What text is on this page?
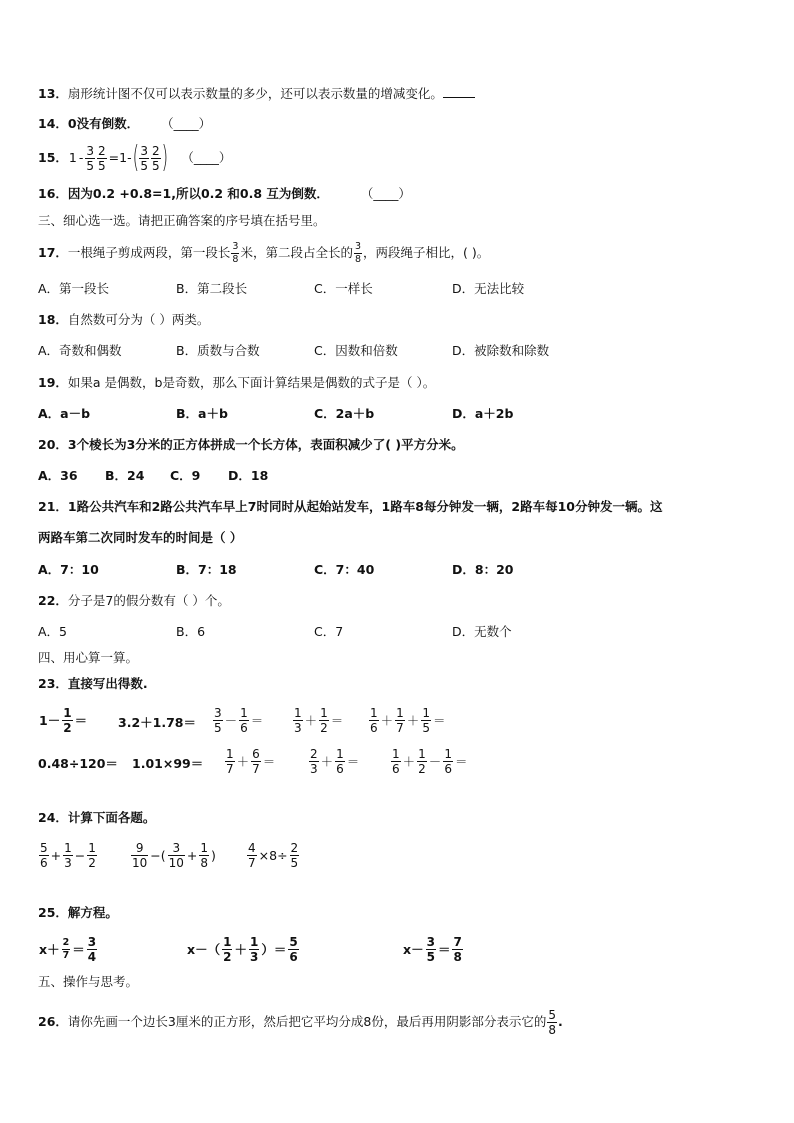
13．扇形统计图不仅可以表示数量的多少，还可以表示数量的增减变化。
14．0没有倒数． （____）
15． $1 - \frac{3}{5} \frac{2}{5} =1-$ ( $\frac{3}{5} \frac{2}{5}$ ) （____）
16．因为0.2 +0.8=1,所以0.2 和0.8 互为倒数．	（____）
三、细心选一选。请把正确答案的序号填在括号里。
17． 一根绳子剪成两段，第一段长 $\frac{3}{8}$ 米，第二段占全长的 $\frac{3}{8}$ ，两段绳子相比，( )。
A．第一段长	B．第二段长	C．一样长	D．无法比较
18．自然数可分为（ ）两类。
A．奇数和偶数	B．质数与合数	C．因数和倍数	D．被除数和除数
19．如果a 是偶数，b是奇数，那么下面计算结果是偶数的式子是（ ）。
A．a－b	B．a＋b	C．2a＋b	D．a＋2b
20．3个棱长为3分米的正方体拼成一个长方体，表面积减少了( )平方分米。
A．36 B．24 C．9 D．18
21．1路公共汽车和2路公共汽车早上7时同时从起始站发车，1路车8每分钟发一辆，2路车每10分钟发一辆。这
两路车第二次同时发车的时间是（ ）
A．7：10	B．7：18	C．7：40	D．8：20
22．分子是7的假分数有（ ）个。
A．5	B．6	C．7	D．无数个
四、用心算一算。
23．直接写出得数.
$1- \frac{1}{2} = 3.2+1.78= \frac{3}{5} - \frac{1}{6} = \frac{1}{3} + \frac{1}{2} = \frac{1}{6} + \frac{1}{7} + \frac{1}{5}$ ＝
$0.48\div 120= 1.01\times 99= \frac{1}{7} + \frac{6}{7}$ ＝	$\frac{2}{3} + \frac{1}{6}$ ＝	$\frac{1}{6} + \frac{1}{2} - \frac{1}{6}$ ＝
24．计算下面各题。
$\frac{5}{6} + \frac{1}{3} - \frac{1}{2}$	$\frac{9}{10}$ −( $\frac{3}{10} + \frac{1}{8}$ )	$\frac{4}{7} \times 8\div \frac{2}{5}$
25．解方程。
$x+ \frac{2}{7} = \frac{3}{4}$	$x-( \frac{1}{2} + \frac{1}{3}$ ）＝ $\frac{5}{6}$	$x- \frac{3}{5} = \frac{7}{8}$
五、操作与思考。
26． 请你先画一个边长3厘米的正方形，然后把它平均分成8份，最后再用阴影部分表示它的 $\frac{5}{8}$ .
